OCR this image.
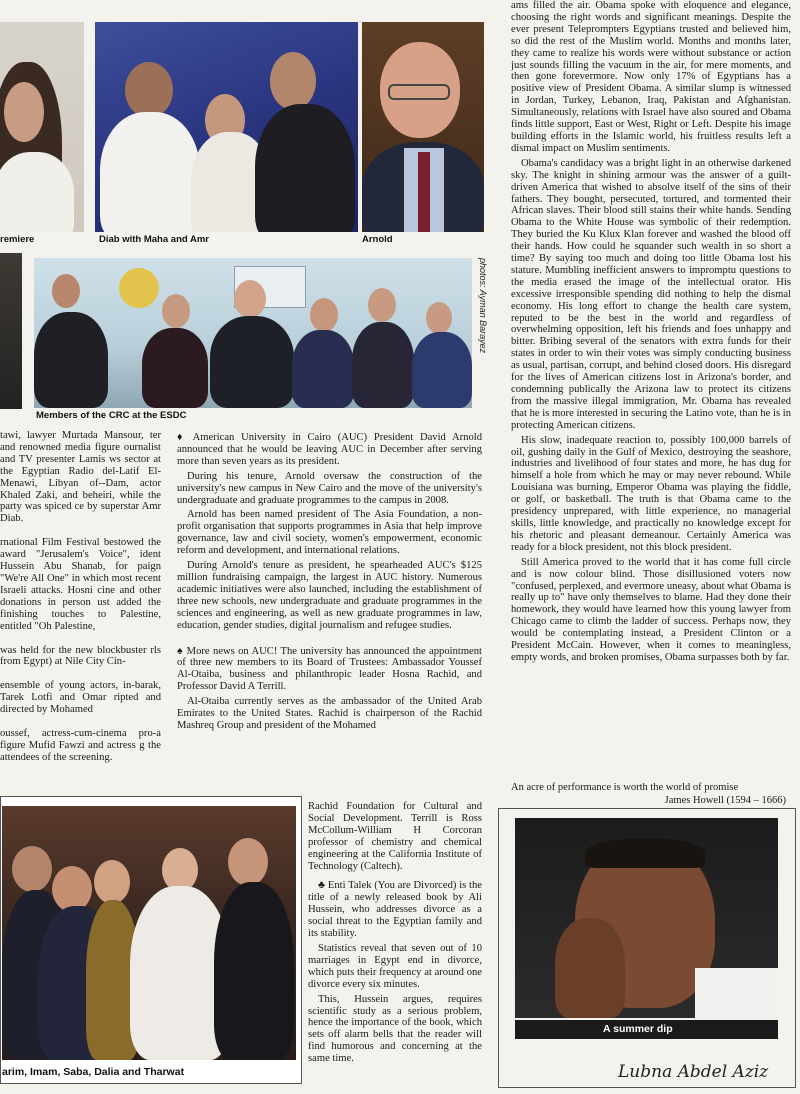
remiere	Diab with Maha and Amr	Arnold
Members of the CRC at the ESDC
photos: Ayman Barayez

tawi, lawyer Murtada Mansour, ter and renowned media figure ournalist and TV presenter Lamis ws sector at the Egyptian Radio del-Latif El-Menawi, Libyan of--Dam, actor Khaled Zaki, and beheiri, while the party was spiced ce by superstar Amr Diab.

rnational Film Festival bestowed the award "Jerusalem's Voice", ident Hussein Abu Shanab, for paign "We're All One" in which most recent Israeli attacks. Hosni cine and other donations in person ust added the finishing touches to Palestine, entitled "Oh Palestine,

was held for the new blockbuster rls from Egypt) at Nile City Cin-

ensemble of young actors, in-barak, Tarek Lotfi and Omar ripted and directed by Mohamed

oussef, actress-cum-cinema pro-a figure Mufid Fawzi and actress g the attendees of the screening.

♦ American University in Cairo (AUC) President David Arnold announced that he would be leaving AUC in December after serving more than seven years as its president.

During his tenure, Arnold oversaw the construction of the university's new campus in New Cairo and the move of the university's undergraduate and graduate programmes to the campus in 2008.

Arnold has been named president of The Asia Foundation, a non-profit organisation that supports programmes in Asia that help improve governance, law and civil society, women's empowerment, economic reform and development, and international relations.

During Arnold's tenure as president, he spearheaded AUC's $125 million fundraising campaign, the largest in AUC history. Numerous academic initiatives were also launched, including the establishment of three new schools, new undergraduate and graduate programmes in the sciences and engineering, as well as new graduate programmes in law, education, gender studies, digital journalism and refugee studies.

♠ More news on AUC! The university has announced the appointment of three new members to its Board of Trustees: Ambassador Youssef Al-Otaiba, business and philanthropic leader Hosna Rachid, and Professor David A Terrill.

Al-Otaiba currently serves as the ambassador of the United Arab Emirates to the United States. Rachid is chairperson of the Rachid Mashreq Group and president of the Mohamed

arim, Imam, Saba, Dalia and Tharwat

Rachid Foundation for Cultural and Social Development. Terrill is Ross McCollum-William H Corcoran professor of chemistry and chemical engineering at the California Institute of Technology (Caltech).

♣ Enti Talek (You are Divorced) is the title of a newly released book by Ali Hussein, who addresses divorce as a social threat to the Egyptian family and its stability.

Statistics reveal that seven out of 10 marriages in Egypt end in divorce, which puts their frequency at around one divorce every six minutes.

This, Hussein argues, requires scientific study as a serious problem, hence the importance of the book, which sets off alarm bells that the reader will find humorous and concerning at the same time.

ams filled the air. Obama spoke with eloquence and elegance, choosing the right words and significant meanings. Despite the ever present Teleprompters Egyptians trusted and believed him, so did the rest of the Muslim world. Months and months later, they came to realize his words were without substance or action just sounds filling the vacuum in the air, for mere moments, and then gone forevermore. Now only 17% of Egyptians has a positive view of President Obama. A similar slump is witnessed in Jordan, Turkey, Lebanon, Iraq, Pakistan and Afghanistan. Simultaneously, relations with Israel have also soured and Obama finds little support, East or West, Right or Left. Despite his image building efforts in the Islamic world, his fruitless results left a dismal impact on Muslim sentiments.

Obama's candidacy was a bright light in an otherwise darkened sky. The knight in shining armour was the answer of a guilt-driven America that wished to absolve itself of the sins of their fathers. They bought, persecuted, tortured, and tormented their African slaves. Their blood still stains their white hands. Sending Obama to the White House was symbolic of their redemption. They buried the Ku Klux Klan forever and washed the blood off their hands. How could he squander such wealth in so short a time? By saying too much and doing too little Obama lost his stature. Mumbling inefficient answers to impromptu questions to the media erased the image of the intellectual orator. His excessive irresponsible spending did nothing to help the dismal economy. His long effort to change the health care system, reputed to be the best in the world and regardless of overwhelming opposition, left his friends and foes unhappy and bitter. Bribing several of the senators with extra funds for their states in order to win their votes was simply conducting business as usual, partisan, corrupt, and behind closed doors. His disregard for the lives of American citizens lost in Arizona's border, and condemning publically the Arizona law to protect its citizens from the massive illegal immigration, Mr. Obama has revealed that he is more interested in securing the Latino vote, than he is in protecting American citizens.

His slow, inadequate reaction to, possibly 100,000 barrels of oil, gushing daily in the Gulf of Mexico, destroying the seashore, industries and livelihood of four states and more, he has dug for himself a hole from which he may or may never rebound. While Louisiana was burning, Emperor Obama was playing the fiddle, or golf, or basketball. The truth is that Obama came to the presidency unprepared, with little experience, no managerial skills, little knowledge, and practically no knowledge except for his rhetoric and pleasant demeanour. Certainly America was ready for a block president, not this block president.

Still America proved to the world that it has come full circle and is now colour blind. Those disillusioned voters now "confused, perplexed, and evermore uneasy, about what Obama is really up to" have only themselves to blame. Had they done their homework, they would have learned how this young lawyer from Chicago came to climb the ladder of success. Perhaps now, they would be contemplating instead, a President Clinton or a President McCain. However, when it comes to meaningless, empty words, and broken promises, Obama surpasses both by far.

An acre of performance is worth the world of promise
James Howell (1594 – 1666)
A summer dip
Lubna Abdel Aziz
